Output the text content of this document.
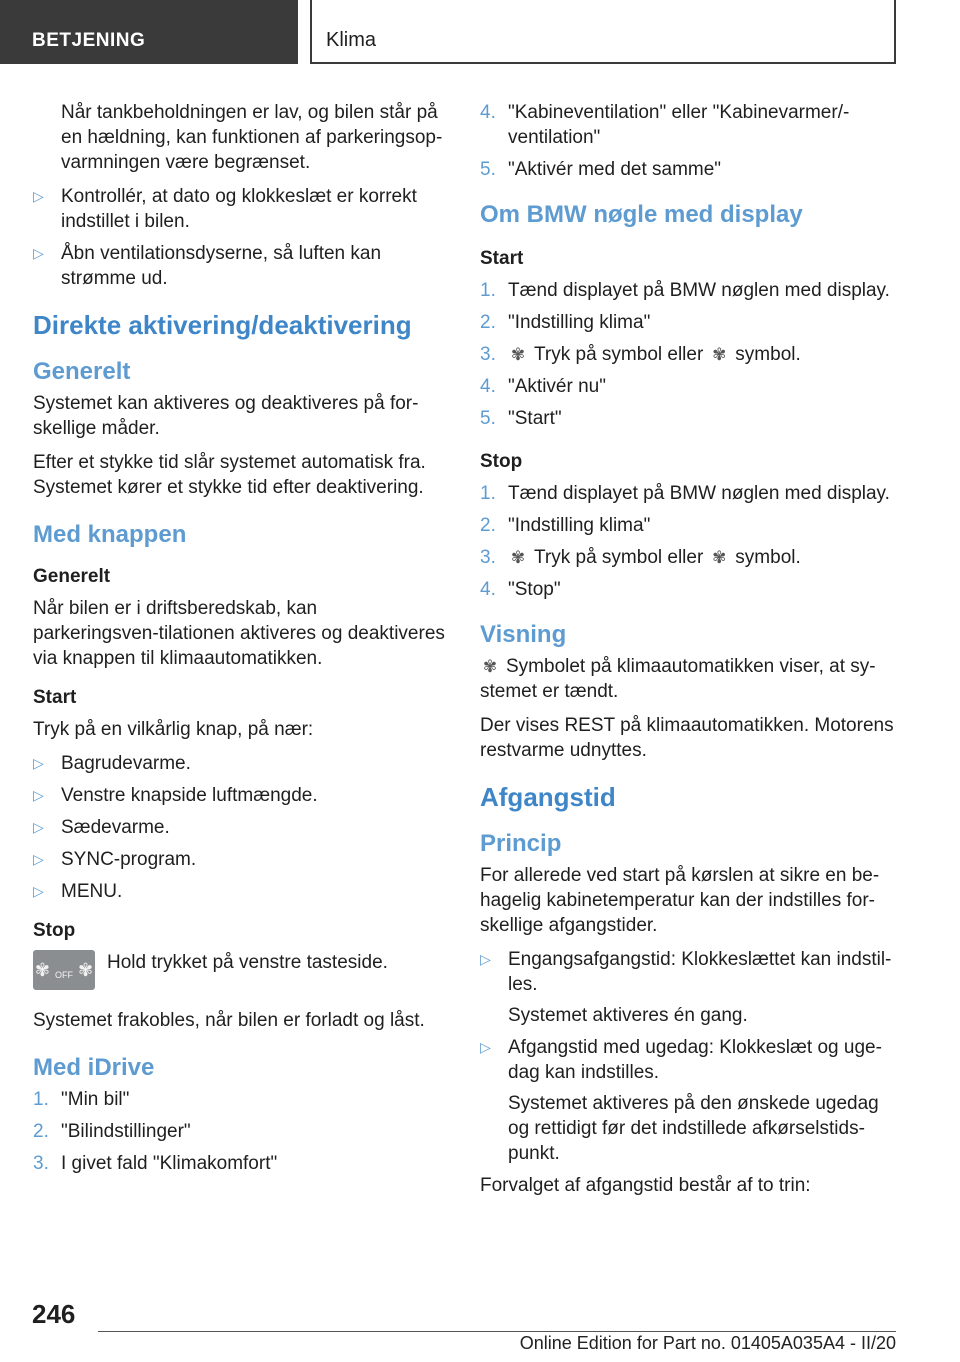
BETJENING	Klima

Når tankbeholdningen er lav, og bilen står på en hældning, kan funktionen af parkeringsop-varmningen være begrænset.

▷ Kontrollér, at dato og klokkeslæt er korrekt indstillet i bilen.
▷ Åbn ventilationsdyserne, så luften kan strømme ud.
Direkte aktivering/deaktivering
Generelt

Systemet kan aktiveres og deaktiveres på for-skellige måder.

Efter et stykke tid slår systemet automatisk fra. Systemet kører et stykke tid efter deaktivering.

Med knappen
Generelt

Når bilen er i driftsberedskab, kan parkeringsven-tilationen aktiveres og deaktiveres via knappen til klimaautomatikken.

Start

Tryk på en vilkårlig knap, på nær:

▷ Bagrudevarme.
▷ Venstre knapside luftmængde.
▷ Sædevarme.
▷ SYNC-program.
▷ MENU.
Stop
✾ OFF ✾ Hold trykket på venstre tasteside.

Systemet frakobles, når bilen er forladt og låst.

Med iDrive
1. "Min bil"
2. "Bilindstillinger"
3. I givet fald "Klimakomfort"
4. "Kabineventilation" eller "Kabinevarmer/-ventilation"
5. "Aktivér med det samme"
Om BMW nøgle med display
Start
1. Tænd displayet på BMW nøglen med display.
2. "Indstilling klima"
3. ✾ Tryk på symbol eller ✾ symbol.
4. "Aktivér nu"
5. "Start"
Stop
1. Tænd displayet på BMW nøglen med display.
2. "Indstilling klima"
3. ✾ Tryk på symbol eller ✾ symbol.
4. "Stop"
Visning

✾ Symbolet på klimaautomatikken viser, at sy-stemet er tændt.

Der vises REST på klimaautomatikken. Motorens restvarme udnyttes.

Afgangstid
Princip

For allerede ved start på kørslen at sikre en be-hagelig kabinetemperatur kan der indstilles for-skellige afgangstider.

▷ Engangsafgangstid: Klokkeslættet kan indstil-les.
Systemet aktiveres én gang.
▷ Afgangstid med ugedag: Klokkeslæt og uge-dag kan indstilles.
Systemet aktiveres på den ønskede ugedag og rettidigt før det indstillede afkørselstids-punkt.

Forvalget af afgangstid består af to trin:

246
Online Edition for Part no. 01405A035A4 - II/20
